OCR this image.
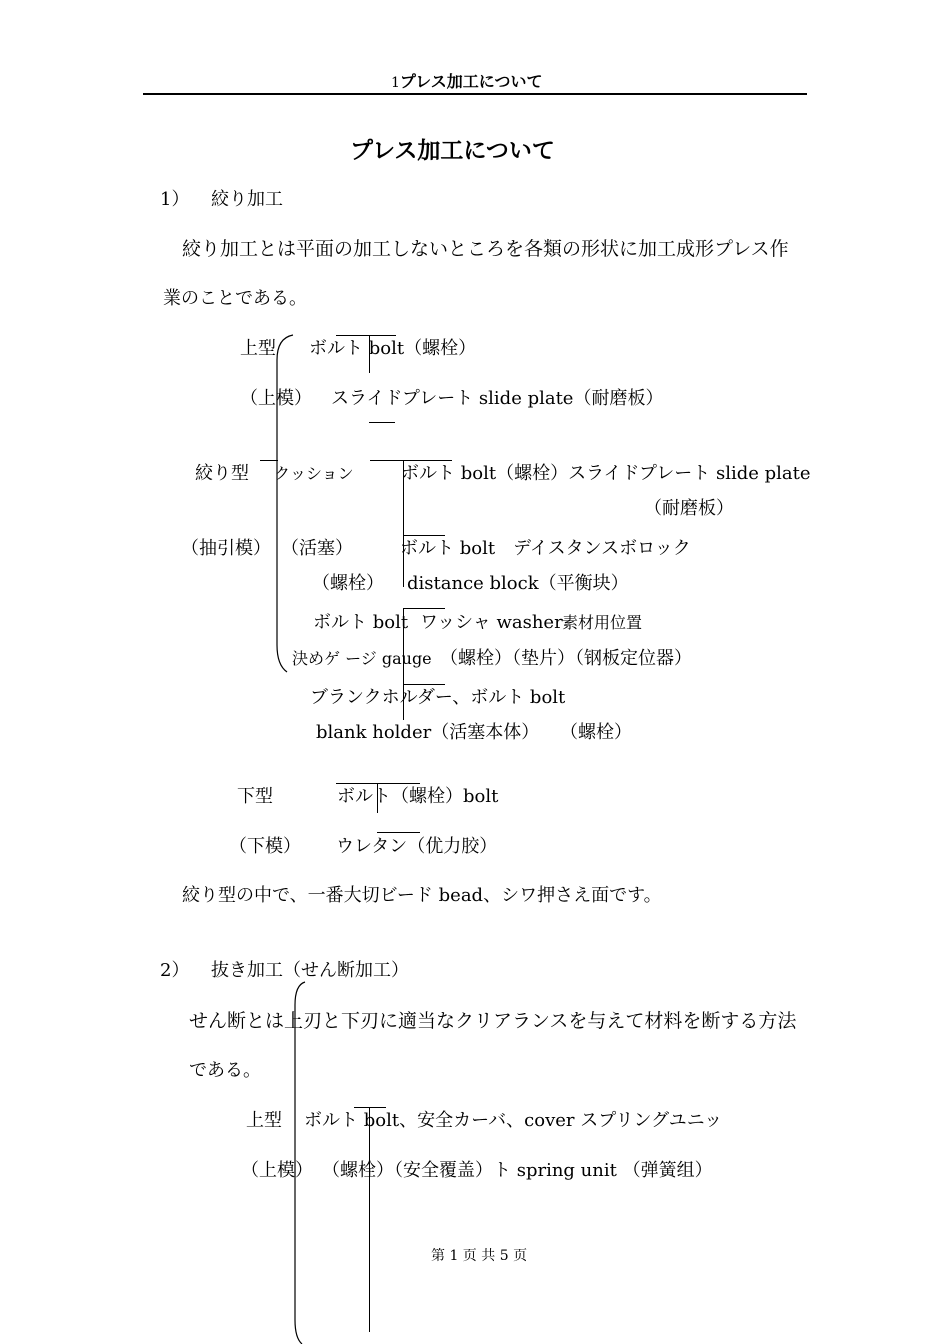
1プレス加工について
プレス加工について
1） 絞り加工
絞り加工とは平面の加工しないところを各類の形状に加工成形プレス作
業のことである。
上型 ボルト bolt（螺栓）
（上模） スライドプレート slide plate（耐磨板）
絞り型 クッション	ボルト bolt（螺栓）スライドプレート slide plate
（耐磨板）
（抽引模） （活塞）	ボルト bolt　デイスタンスボロック
（螺栓） distance block（平衡块）
ボルト bolt ワッシャ washer 素材用位置
決めゲ ージ gauge （螺栓）（垫片）（钢板定位器）
ブランクホルダー、ボルト bolt
blank holder（活塞本体） （螺栓）
下型	ボルト（螺栓）bolt
（下模） ウレタン（优力胶）
絞り型の中で、一番大切ビード bead、シワ押さえ面です。
2） 抜き加工（せん断加工）
せん断とは上刃と下刃に適当なクリアランスを与えて材料を断する方法
である。
上型 ボルト bolt、安全カーバ、cover スプリングユニッ
（上模） （螺栓）（安全覆盖）ト spring unit （弹簧组）
第 1 页 共 5 页
